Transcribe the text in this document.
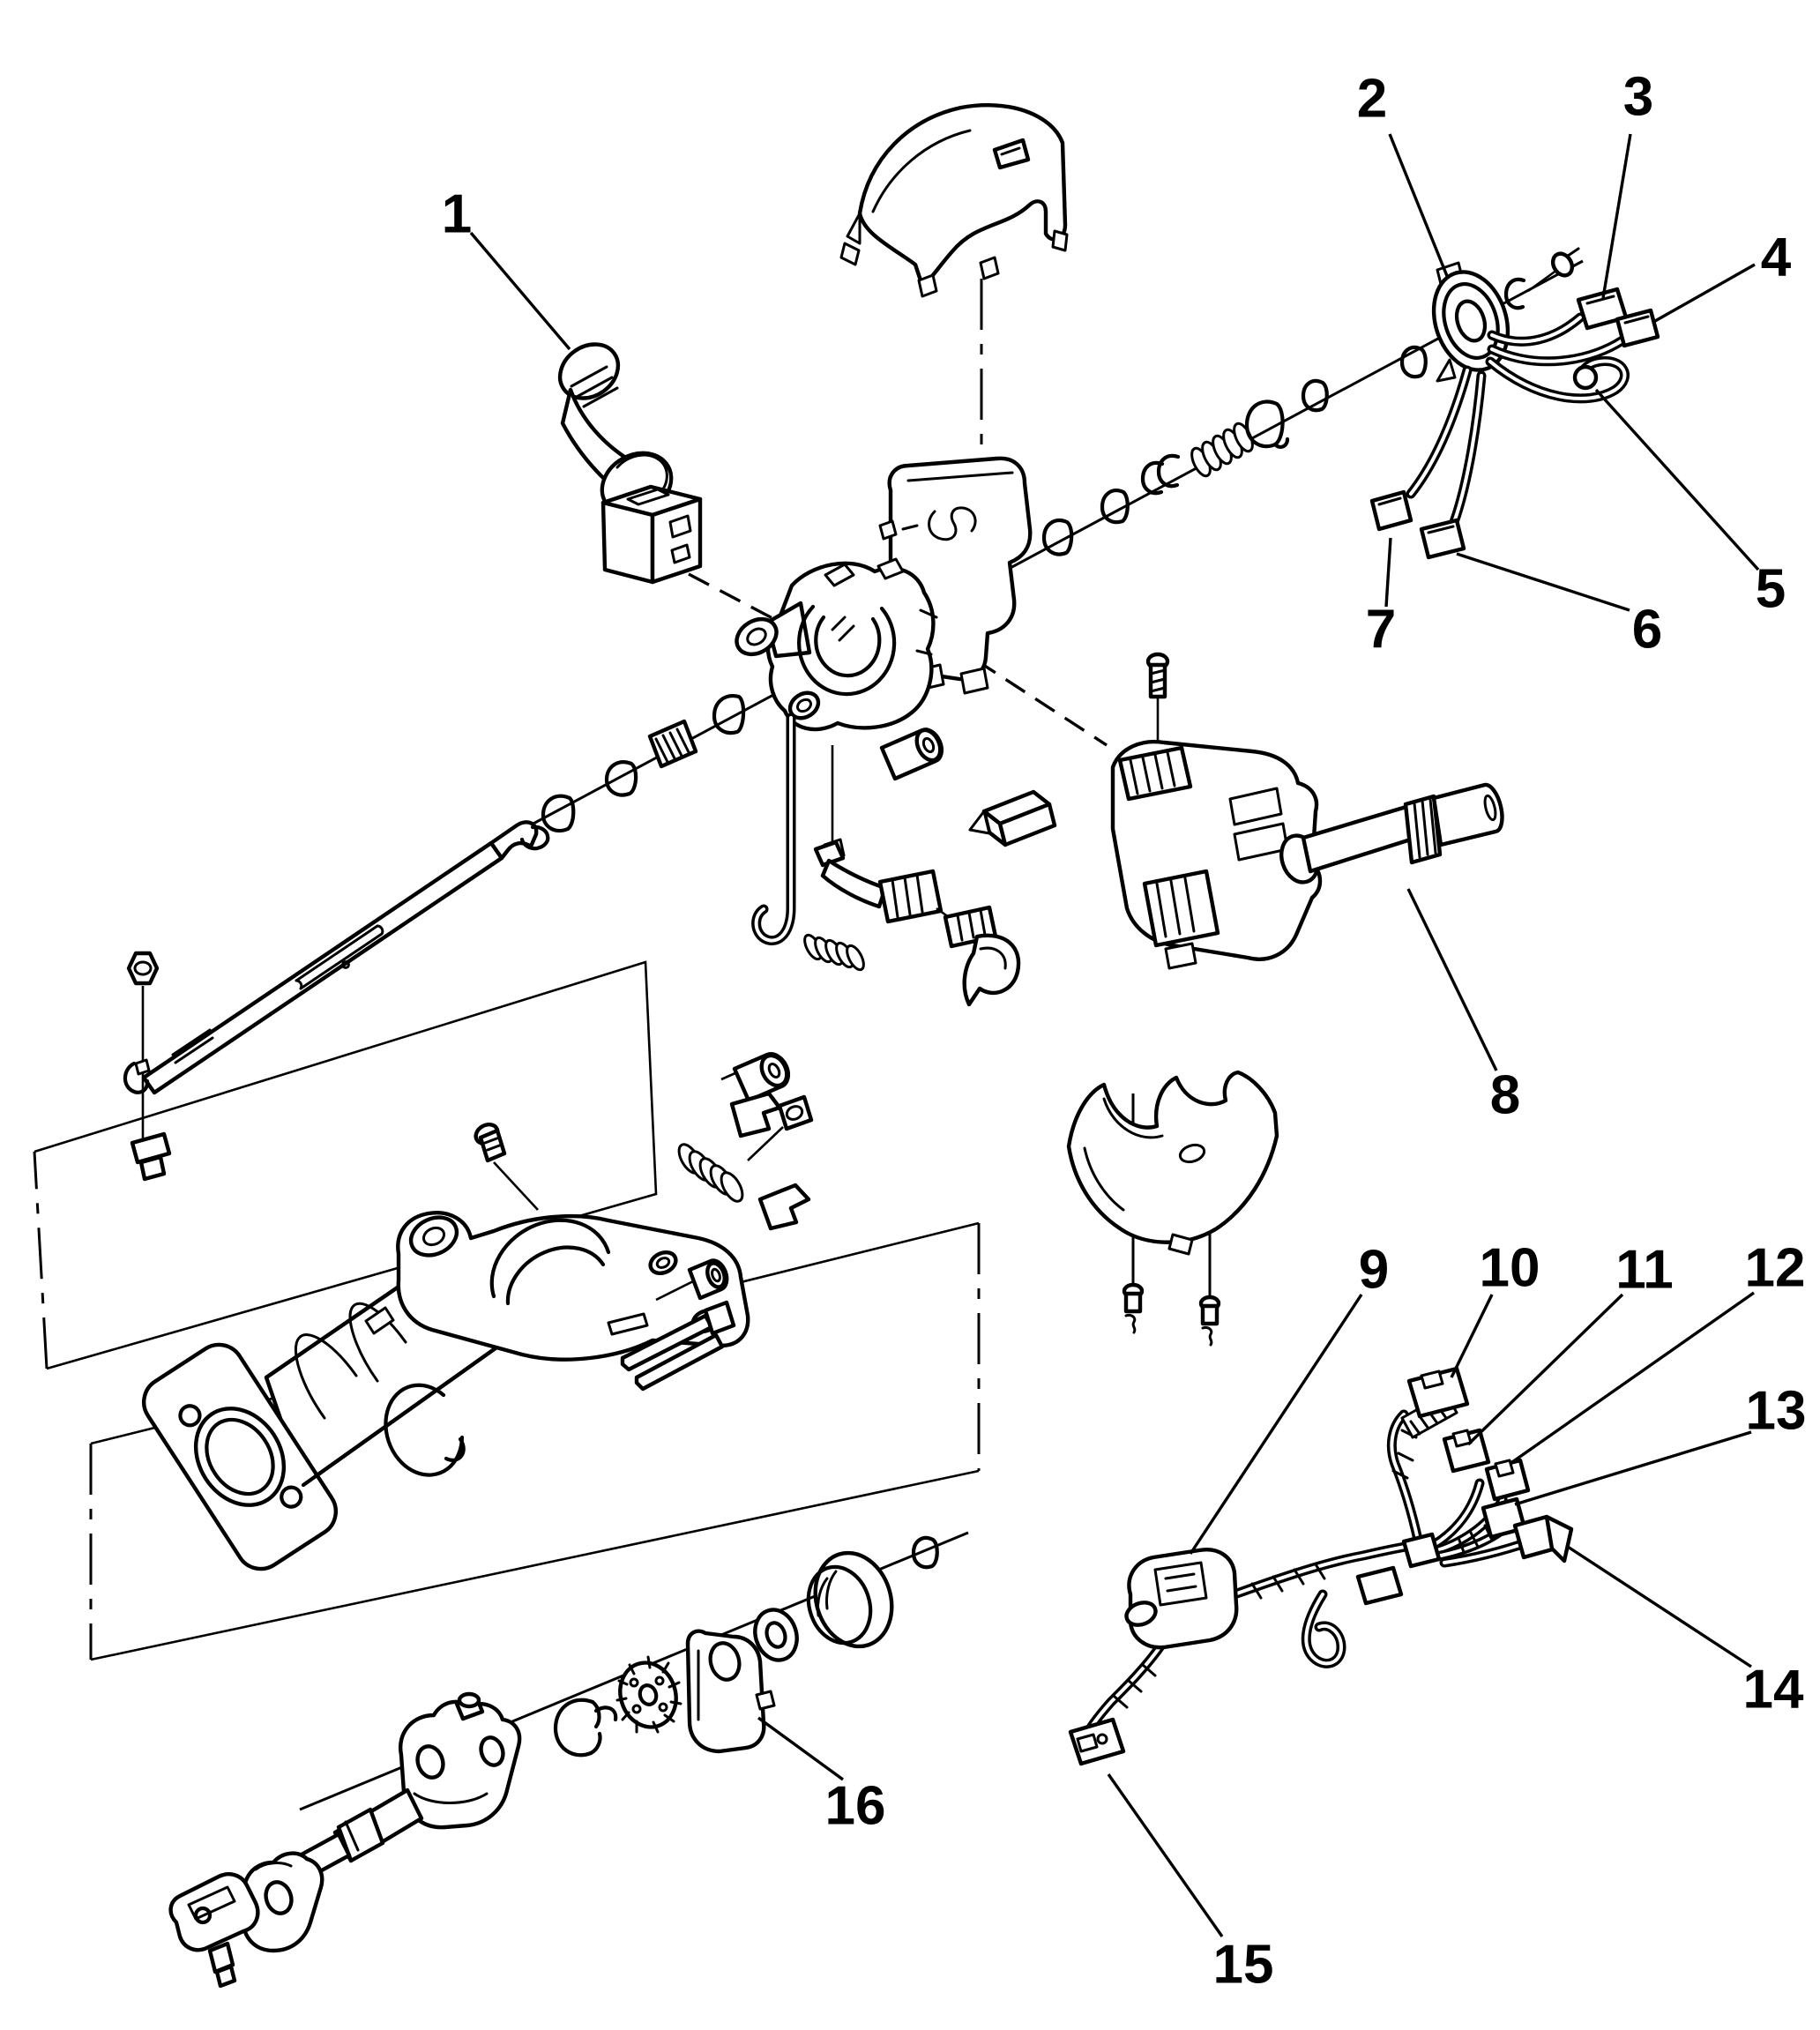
1
2	3
4
5
6
7
8
9 10 11 12
13
14
15
16
